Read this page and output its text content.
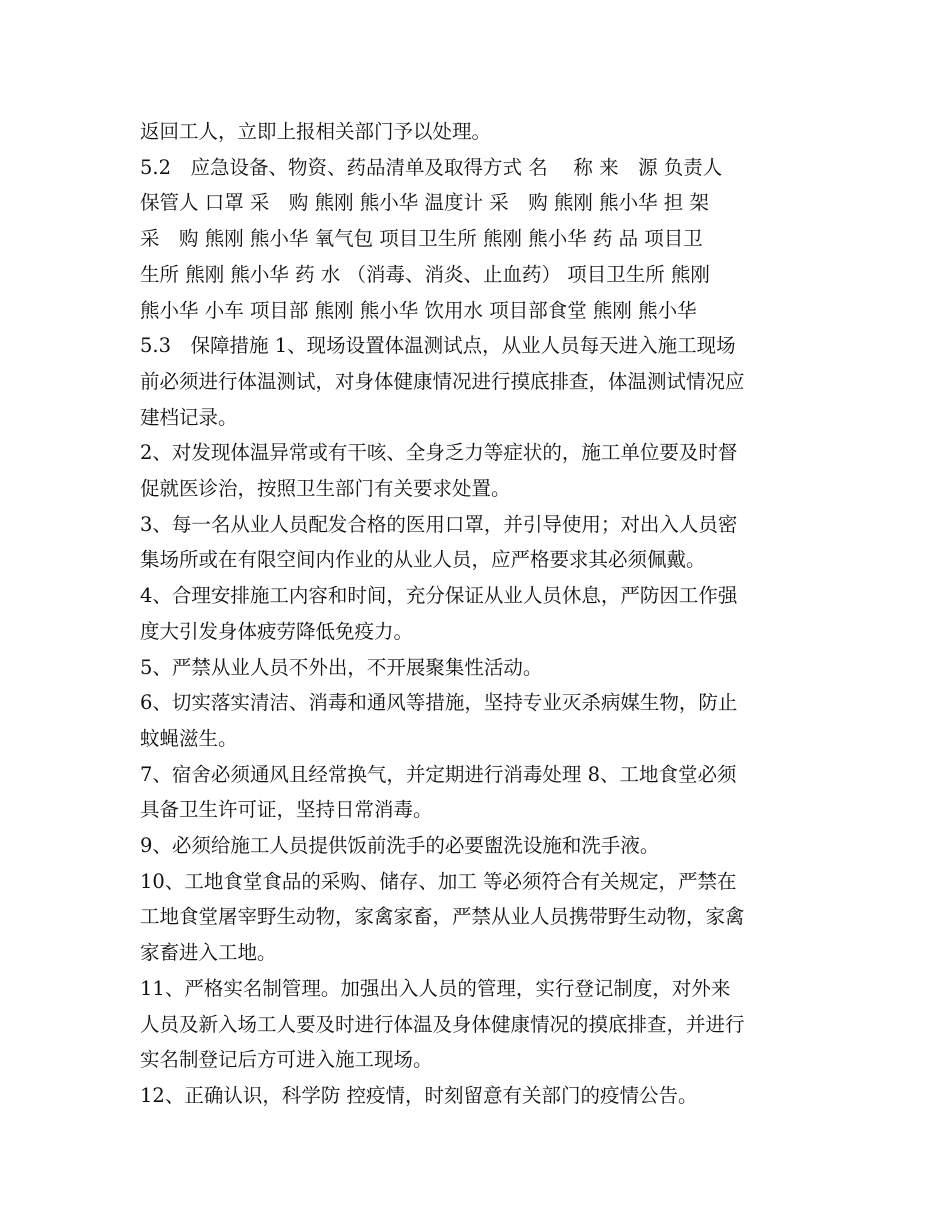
返回工人，立即上报相关部门予以处理。
5.2　应急设备、物资、药品清单及取得方式 名　 称 来　源 负责人
保管人 口罩 采　购 熊刚 熊小华 温度计 采　购 熊刚 熊小华 担 架
采　购 熊刚 熊小华 氧气包 项目卫生所 熊刚 熊小华 药 品 项目卫
生所 熊刚 熊小华 药 水 （消毒、消炎、止血药） 项目卫生所 熊刚
熊小华 小车 项目部 熊刚 熊小华 饮用水 项目部食堂 熊刚 熊小华
5.3　保障措施 1、现场设置体温测试点，从业人员每天进入施工现场
前必须进行体温测试，对身体健康情况进行摸底排查，体温测试情况应
建档记录。
2、对发现体温异常或有干咳、全身乏力等症状的，施工单位要及时督
促就医诊治，按照卫生部门有关要求处置。
3、每一名从业人员配发合格的医用口罩，并引导使用；对出入人员密
集场所或在有限空间内作业的从业人员，应严格要求其必须佩戴。
4、合理安排施工内容和时间，充分保证从业人员休息，严防因工作强
度大引发身体疲劳降低免疫力。
5、严禁从业人员不外出，不开展聚集性活动。
6、切实落实清洁、消毒和通风等措施，坚持专业灭杀病媒生物，防止
蚊蝇滋生。
7、宿舍必须通风且经常换气，并定期进行消毒处理 8、工地食堂必须
具备卫生许可证，坚持日常消毒。
9、必须给施工人员提供饭前洗手的必要盥洗设施和洗手液。
10、工地食堂食品的采购、储存、加工 等必须符合有关规定，严禁在
工地食堂屠宰野生动物，家禽家畜，严禁从业人员携带野生动物，家禽
家畜进入工地。
11、严格实名制管理。加强出入人员的管理，实行登记制度，对外来
人员及新入场工人要及时进行体温及身体健康情况的摸底排查，并进行
实名制登记后方可进入施工现场。
12、正确认识，科学防 控疫情，时刻留意有关部门的疫情公告。
